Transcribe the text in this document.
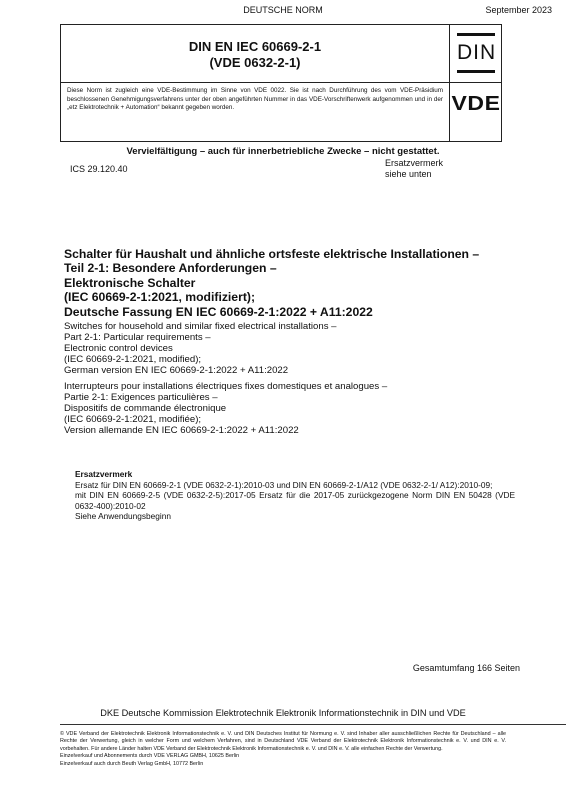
DEUTSCHE NORM	September 2023
DIN EN IEC 60669-2-1
(VDE 0632-2-1)
Diese Norm ist zugleich eine VDE-Bestimmung im Sinne von VDE 0022. Sie ist nach Durchführung des vom VDE-Präsidium beschlossenen Genehmigungsverfahrens unter der oben angeführten Nummer in das VDE-Vorschriftenwerk aufgenommen und in der „etz Elektrotechnik + Automation“ bekannt gegeben worden.
DIN
VDE
Vervielfältigung – auch für innerbetriebliche Zwecke – nicht gestattet.
Ersatzvermerk
siehe unten
ICS 29.120.40
Schalter für Haushalt und ähnliche ortsfeste elektrische Installationen –
Teil 2-1: Besondere Anforderungen –
Elektronische Schalter
(IEC 60669-2-1:2021, modifiziert);
Deutsche Fassung EN IEC 60669-2-1:2022 + A11:2022
Switches for household and similar fixed electrical installations –
Part 2-1: Particular requirements –
Electronic control devices
(IEC 60669-2-1:2021, modified);
German version EN IEC 60669-2-1:2022 + A11:2022
Interrupteurs pour installations électriques fixes domestiques et analogues –
Partie 2-1: Exigences particulières –
Dispositifs de commande électronique
(IEC 60669-2-1:2021, modifiée);
Version allemande EN IEC 60669-2-1:2022 + A11:2022
Ersatzvermerk
Ersatz für DIN EN 60669-2-1 (VDE 0632-2-1):2010-03 und DIN EN 60669-2-1/A12 (VDE 0632-2-1/ A12):2010-09;
mit DIN EN 60669-2-5 (VDE 0632-2-5):2017-05 Ersatz für die 2017-05 zurückgezogene Norm DIN EN 50428 (VDE 0632-400):2010-02
Siehe Anwendungsbeginn
Gesamtumfang 166 Seiten
DKE Deutsche Kommission Elektrotechnik Elektronik Informationstechnik in DIN und VDE
© VDE Verband der Elektrotechnik Elektronik Informationstechnik e. V. und DIN Deutsches Institut für Normung e. V. sind Inhaber aller ausschließlichen Rechte für Deutschland – alle Rechte der Verwertung, gleich in welcher Form und welchem Verfahren, sind in Deutschland VDE Verband der Elektrotechnik Elektronik Informationstechnik e. V. und DIN e. V. vorbehalten. Für andere Länder halten VDE Verband der Elektrotechnik Elektronik Informationstechnik e. V. und DIN e. V. alle einfachen Rechte der Verwertung.
Einzelverkauf und Abonnements durch VDE VERLAG GMBH, 10625 Berlin
Einzelverkauf auch durch Beuth Verlag GmbH, 10772 Berlin
